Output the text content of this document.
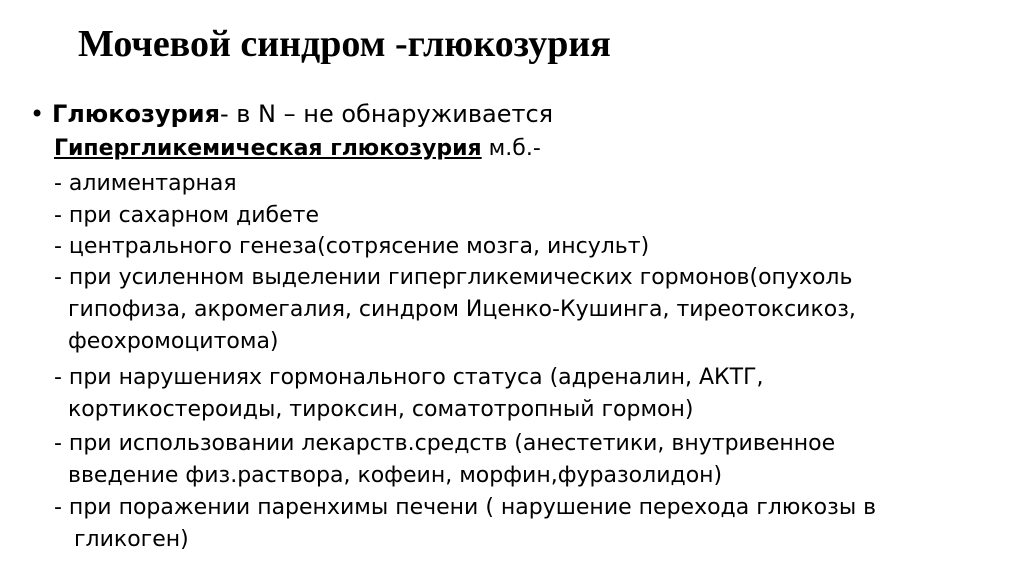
Мочевой синдром -глюкозурия
• Глюкозурия- в N – не обнаруживается
Гипергликемическая глюкозурия м.б.-
- алиментарная
- при сахарном дибете
- центрального генеза(сотрясение мозга, инсульт)
- при усиленном выделении гипергликемических гормонов(опухоль
гипофиза, акромегалия, синдром Иценко-Кушинга, тиреотоксикоз,
феохромоцитома)
- при нарушениях гормонального статуса (адреналин, АКТГ,
кортикостероиды, тироксин, соматотропный гормон)
- при использовании лекарств.средств (анестетики, внутривенное
введение физ.раствора, кофеин, морфин,фуразолидон)
- при поражении паренхимы печени ( нарушение перехода глюкозы в
гликоген)
